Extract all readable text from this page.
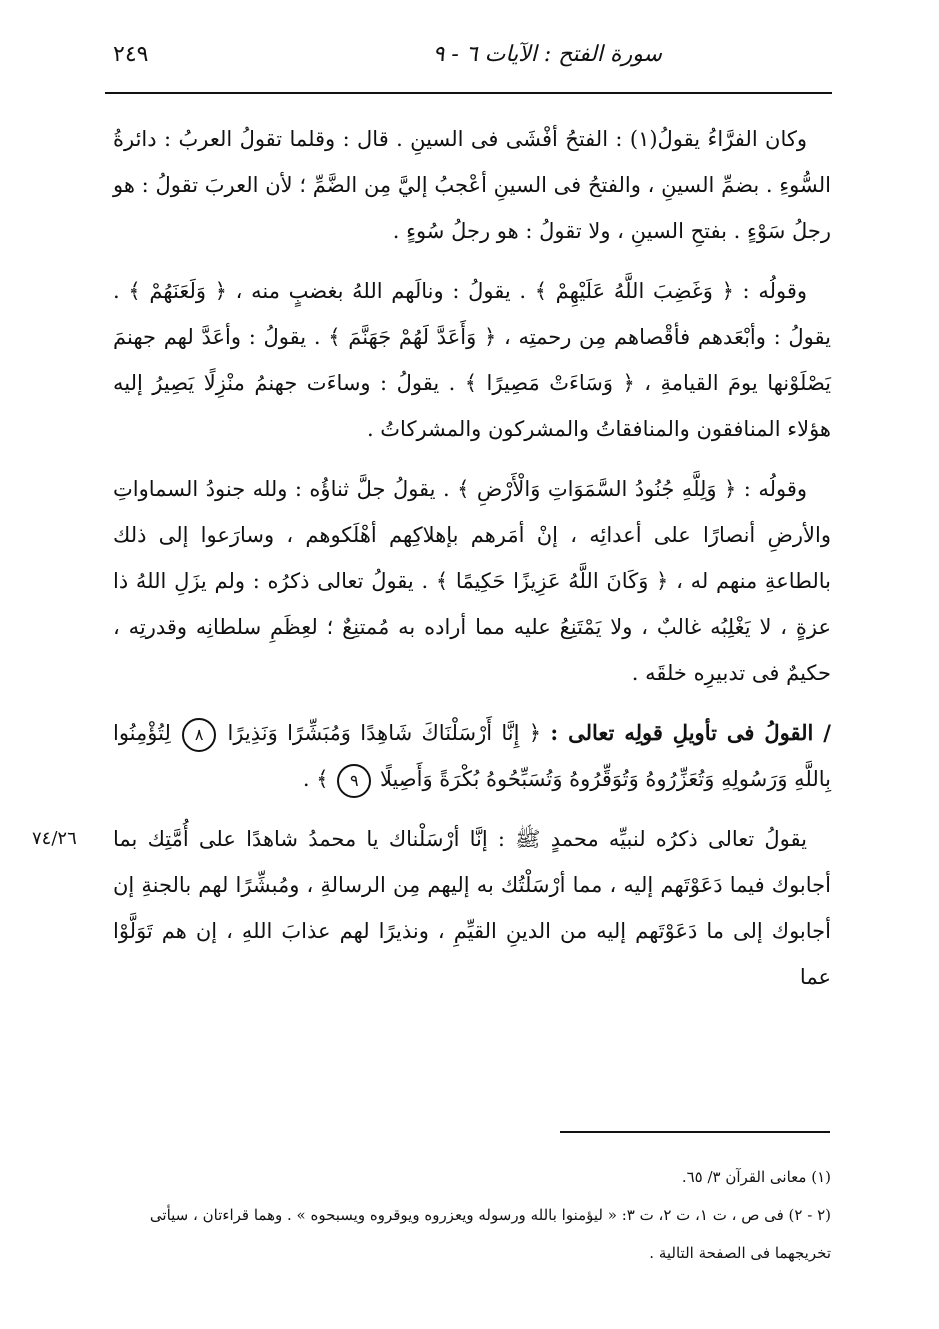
سورة الفتح : الآيات ٦ - ٩
٢٤٩

وكان الفرَّاءُ يقولُ(١) : الفتحُ أفْشَى فى السينِ . قال : وقلما تقولُ العربُ : دائرةُ السُّوءِ . بضمِّ السينِ ، والفتحُ فى السينِ أعْجبُ إليَّ مِن الضَّمِّ ؛ لأن العربَ تقولُ : هو رجلُ سَوْءٍ . بفتحِ السينِ ، ولا تقولُ : هو رجلُ سُوءٍ .

وقولُه : ﴿ وَغَضِبَ اللَّهُ عَلَيْهِمْ ﴾ . يقولُ : ونالَهم اللهُ بغضبٍ منه ، ﴿ وَلَعَنَهُمْ ﴾ . يقولُ : وأبْعَدهم فأقْصاهم مِن رحمتِه ، ﴿ وَأَعَدَّ لَهُمْ جَهَنَّمَ ﴾ . يقولُ : وأعَدَّ لهم جهنمَ يَصْلَوْنها يومَ القيامةِ ، ﴿ وَسَاءَتْ مَصِيرًا ﴾ . يقولُ : وساءَت جهنمُ منْزِلًا يَصِيرُ إليه هؤلاء المنافقون والمنافقاتُ والمشركون والمشركاتُ .

وقولُه : ﴿ وَلِلَّهِ جُنُودُ السَّمَوَاتِ وَالْأَرْضِ ﴾ . يقولُ جلَّ ثناؤُه : ولله جنودُ السماواتِ والأرضِ أنصارًا على أعدائِه ، إنْ أمَرهم بإهلاكِهم أهْلَكوهم ، وسارَعوا إلى ذلك بالطاعةِ منهم له ، ﴿ وَكَانَ اللَّهُ عَزِيزًا حَكِيمًا ﴾ . يقولُ تعالى ذكرُه : ولم يزَلِ اللهُ ذا عزةٍ ، لا يَغْلِبُه غالبٌ ، ولا يَمْتَنِعُ عليه مما أراده به مُمتنِعٌ ؛ لعِظَمِ سلطانِه وقدرتِه ، حكيمٌ فى تدبيرِه خلقَه .

/ القولُ فى تأويلِ قولِه تعالى : ﴿ إِنَّا أَرْسَلْنَاكَ شَاهِدًا وَمُبَشِّرًا وَنَذِيرًا ٨ لِتُؤْمِنُوا بِاللَّهِ وَرَسُولِهِ وَتُعَزِّرُوهُ وَتُوَقِّرُوهُ وَتُسَبِّحُوهُ بُكْرَةً وَأَصِيلًا ٩ ﴾ .

يقولُ تعالى ذكرُه لنبيِّه محمدٍ ﷺ : إنَّا أرْسَلْناك يا محمدُ شاهدًا على أُمَّتِك بما أجابوك فيما دَعَوْتَهم إليه ، مما أرْسَلْتُك به إليهم مِن الرسالةِ ، ومُبشِّرًا لهم بالجنةِ إن أجابوك إلى ما دَعَوْتَهم إليه من الدينِ القيِّمِ ، ونذيرًا لهم عذابَ اللهِ ، إن هم تَوَلَّوْا عما

٧٤/٢٦

(١) معانى القرآن ٣/ ٦٥.

(٢ - ٢) فى ص ، ت ١، ت ٢، ت ٣: « ليؤمنوا بالله ورسوله ويعزروه ويوقروه ويسبحوه » . وهما قراءتان ، سيأتى تخريجهما فى الصفحة التالية .
